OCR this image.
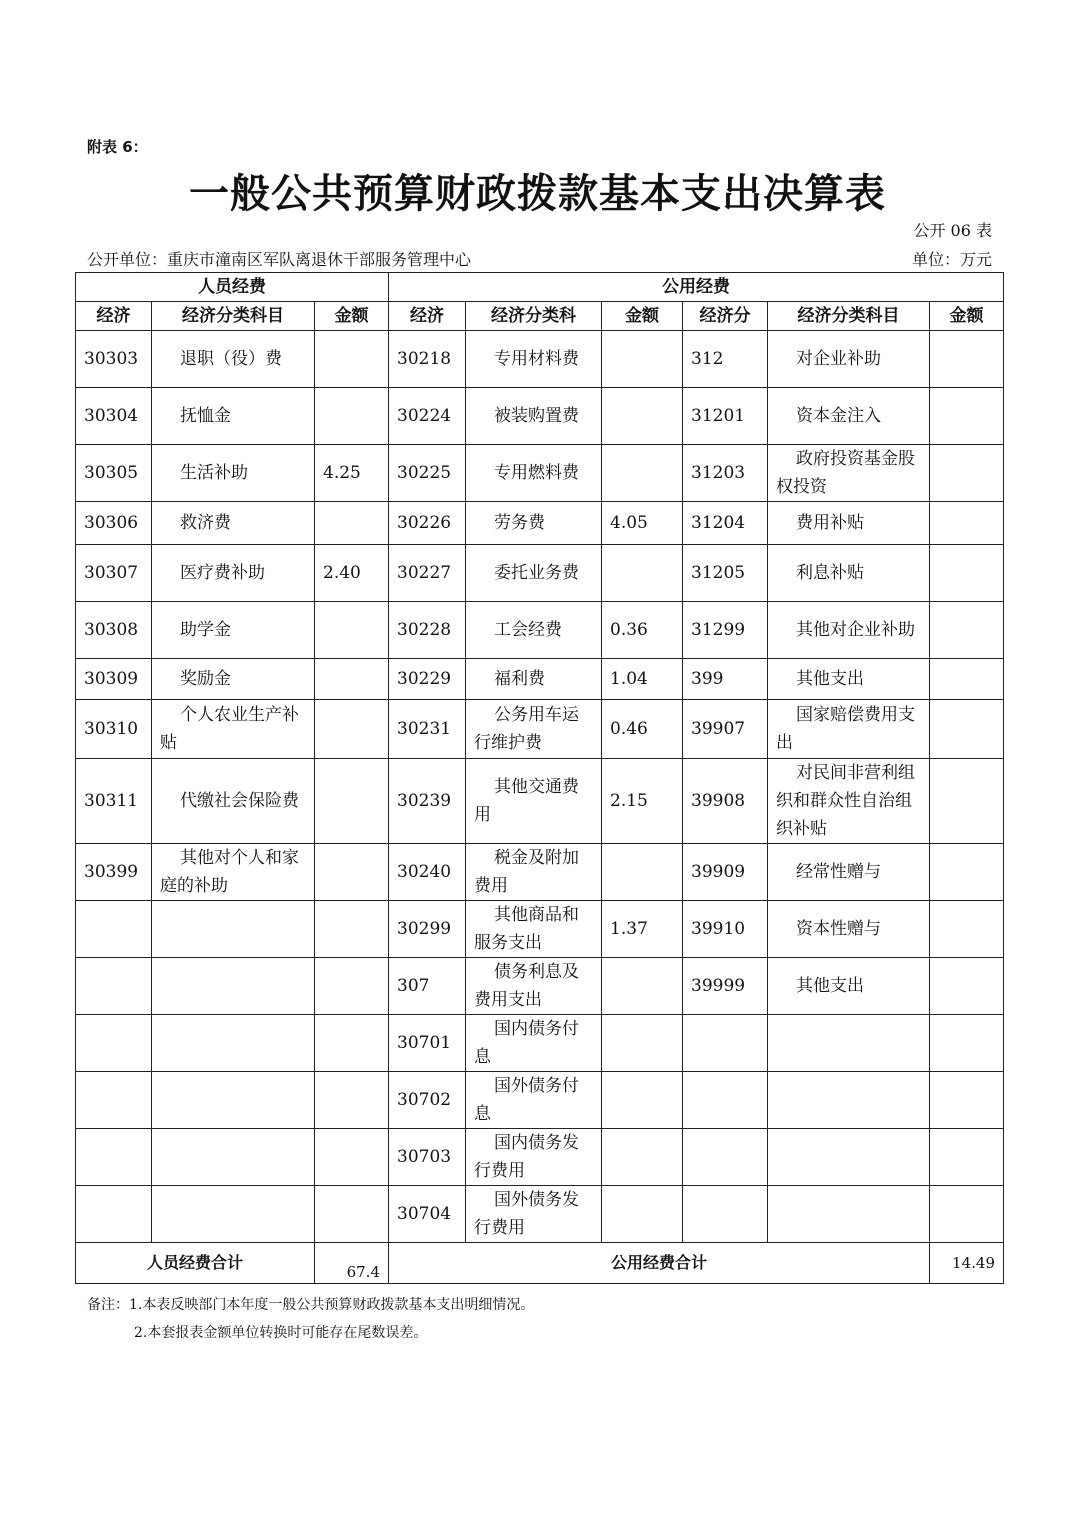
附表 6：
一般公共预算财政拨款基本支出决算表
公开 06 表
公开单位：重庆市潼南区军队离退休干部服务管理中心	单位：万元
人员经费			公用经费					
经济	经济分类科目	金额	经济	经济分类科	金额	经济分	经济分类科目	金额
30303	退职（役）费		30218	专用材料费		312	对企业补助	
30304	抚恤金		30224	被装购置费		31201	资本金注入	
30305	生活补助	4.25	30225	专用燃料费		31203	政府投资基金股权投资	
30306	救济费		30226	劳务费	4.05	31204	费用补贴	
30307	医疗费补助	2.40	30227	委托业务费		31205	利息补贴	
30308	助学金		30228	工会经费	0.36	31299	其他对企业补助	
30309	奖励金		30229	福利费	1.04	399	其他支出	
30310	个人农业生产补贴		30231	公务用车运行维护费	0.46	39907	国家赔偿费用支出	
30311	代缴社会保险费		30239	其他交通费用	2.15	39908	对民间非营利组织和群众性自治组织补贴	
30399	其他对个人和家庭的补助		30240	税金及附加费用		39909	经常性赠与	
			30299	其他商品和服务支出	1.37	39910	资本性赠与	
			307	债务利息及费用支出		39999	其他支出	
			30701	国内债务付息				
			30702	国外债务付息				
			30703	国内债务发行费用				
			30704	国外债务发行费用				
人员经费合计		67.4	公用经费合计					14.49
备注：1.本表反映部门本年度一般公共预算财政拨款基本支出明细情况。
2.本套报表金额单位转换时可能存在尾数误差。
